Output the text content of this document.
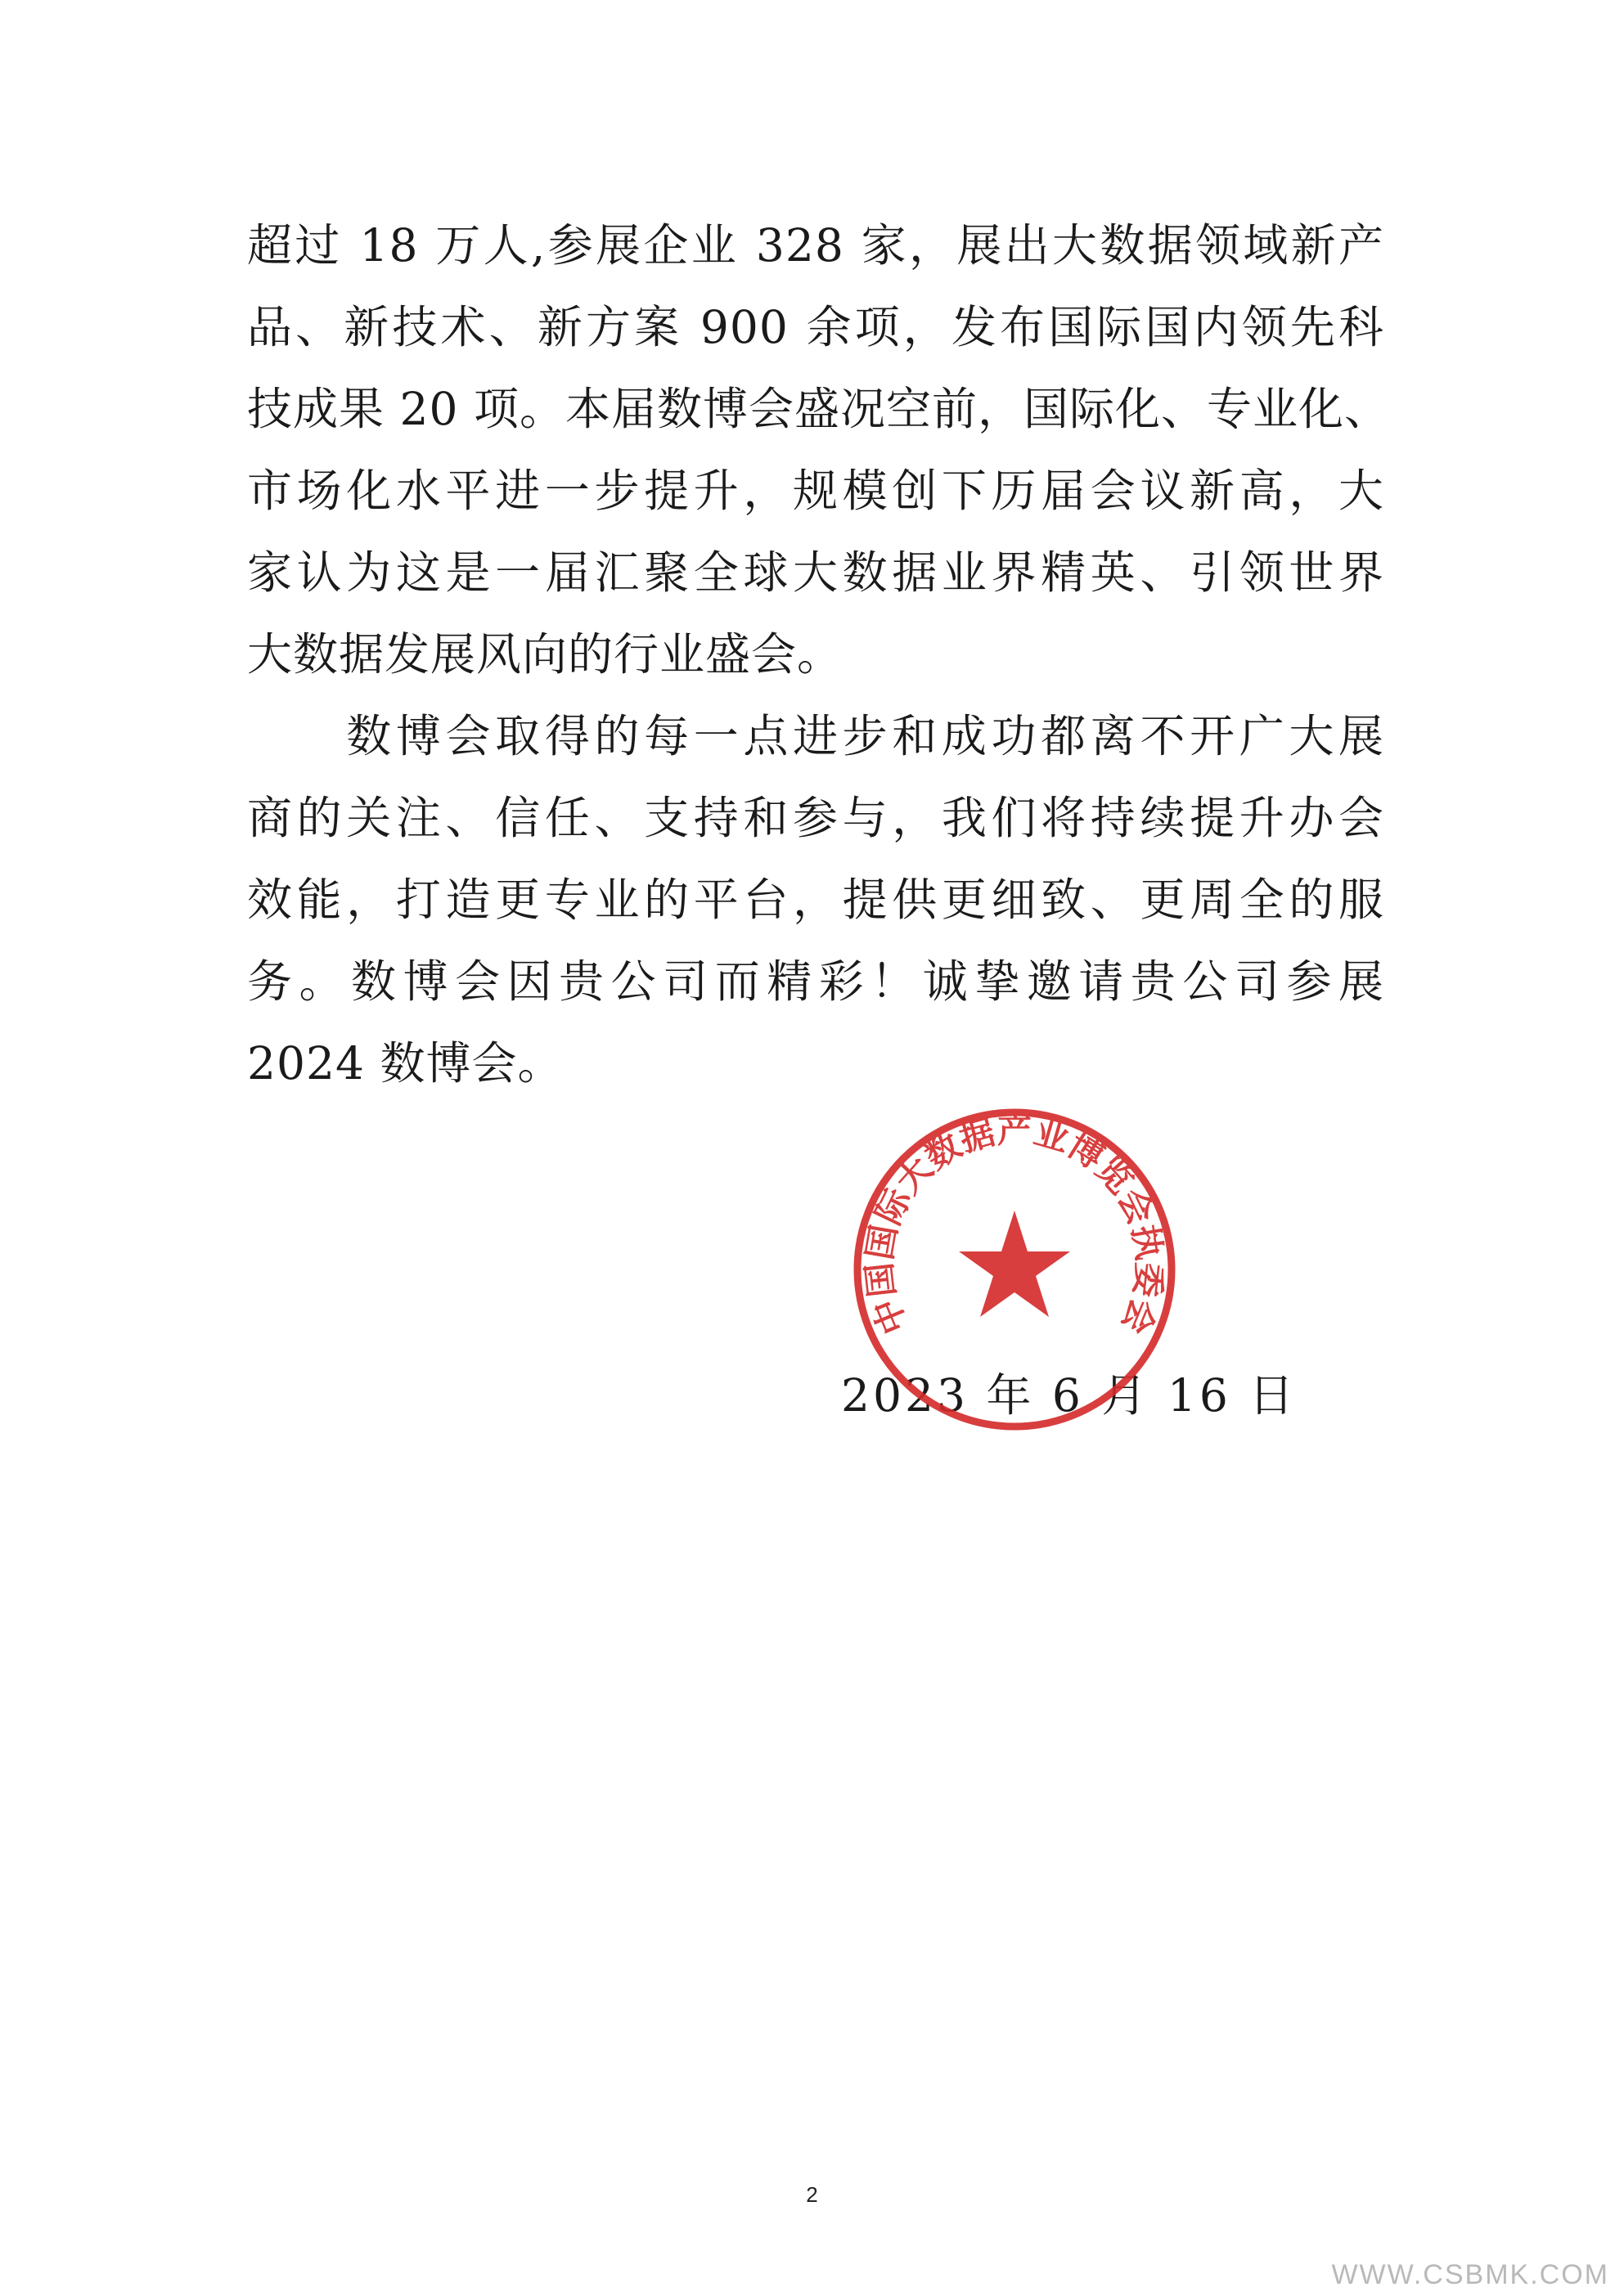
超过 18 万人,参展企业 328 家，展出大数据领域新产
品、新技术、新方案 900 余项，发布国际国内领先科
技成果 20 项。本届数博会盛况空前，国际化、专业化、
市场化水平进一步提升，规模创下历届会议新高，大
家认为这是一届汇聚全球大数据业界精英、引领世界
大数据发展风向的行业盛会。
　　数博会取得的每一点进步和成功都离不开广大展
商的关注、信任、支持和参与，我们将持续提升办会
效能，打造更专业的平台，提供更细致、更周全的服
务。数博会因贵公司而精彩！诚挚邀请贵公司参展
2024 数博会。
2023 年 6 月 16 日
中国国际大数据产业博览会执委会
2
WWW.CSBMK.COM
